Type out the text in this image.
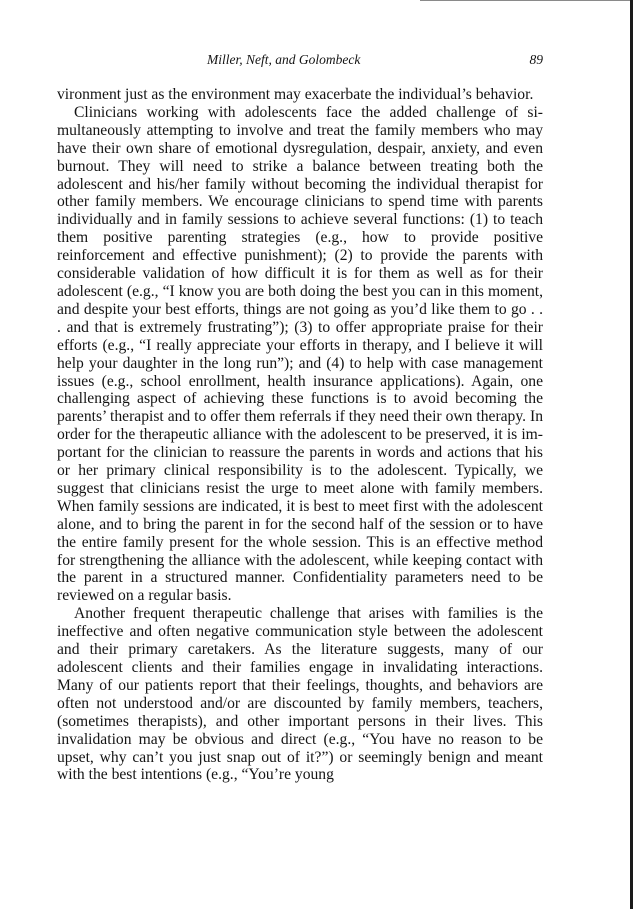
Miller, Neft, and Golombeck	89

vironment just as the environment may exacerbate the individual’s behavior.

Clinicians working with adolescents face the added challenge of simultaneously attempting to involve and treat the family members who may have their own share of emotional dysregulation, despair, anxiety, and even burnout. They will need to strike a balance between treating both the adolescent and his/her family without becoming the individual therapist for other family members. We encourage clinicians to spend time with parents individually and in family sessions to achieve several functions: (1) to teach them positive parenting strategies (e.g., how to provide positive reinforcement and effective punishment); (2) to provide the parents with considerable validation of how difficult it is for them as well as for their adolescent (e.g., “I know you are both doing the best you can in this moment, and despite your best efforts, things are not going as you’d like them to go . . . and that is extremely frustrating”); (3) to offer appropriate praise for their efforts (e.g., “I really appreciate your efforts in therapy, and I believe it will help your daughter in the long run”); and (4) to help with case management issues (e.g., school enrollment, health insurance applications). Again, one challenging aspect of achieving these functions is to avoid becoming the parents’ therapist and to offer them referrals if they need their own therapy. In order for the therapeutic alliance with the adolescent to be preserved, it is important for the clinician to reassure the parents in words and actions that his or her primary clinical responsibility is to the adolescent. Typically, we suggest that clinicians resist the urge to meet alone with family members. When family sessions are indicated, it is best to meet first with the adolescent alone, and to bring the parent in for the second half of the session or to have the entire family present for the whole session. This is an effective method for strengthening the alliance with the adolescent, while keeping contact with the parent in a structured manner. Confidentiality parameters need to be reviewed on a regular basis.

Another frequent therapeutic challenge that arises with families is the ineffective and often negative communication style between the adolescent and their primary caretakers. As the literature suggests, many of our adolescent clients and their families engage in invalidating interactions. Many of our patients report that their feelings, thoughts, and behaviors are often not understood and/or are discounted by family members, teachers, (sometimes therapists), and other important persons in their lives. This invalidation may be obvious and direct (e.g., “You have no reason to be upset, why can’t you just snap out of it?”) or seemingly benign and meant with the best intentions (e.g., “You’re young
